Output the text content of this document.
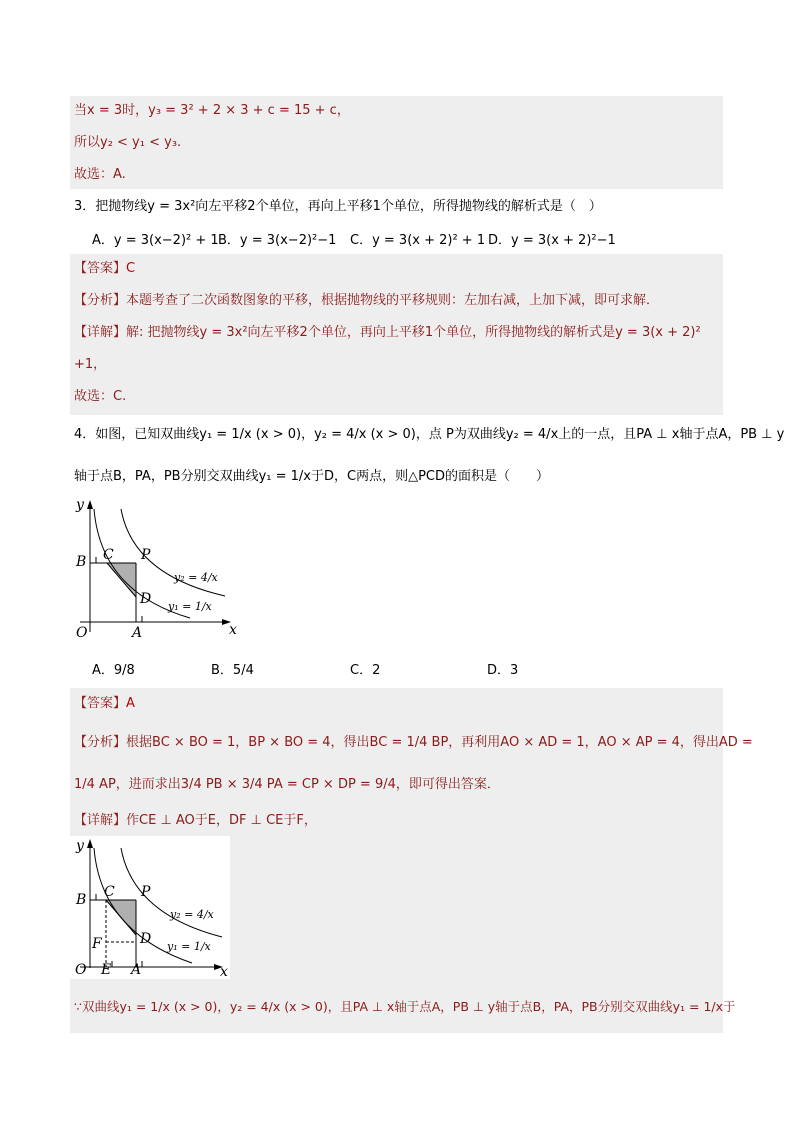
当x = 3时，y₃ = 3² + 2 × 3 + c = 15 + c，
所以y₂ < y₁ < y₃.
故选：A.
3．把抛物线y = 3x²向左平移2个单位，再向上平移1个单位，所得抛物线的解析式是（　）
A．y = 3(x−2)² + 1 B．y = 3(x−2)²−1 C．y = 3(x + 2)² + 1 D．y = 3(x + 2)²−1
【答案】C
【分析】本题考查了二次函数图象的平移，根据抛物线的平移规则：左加右减，上加下减，即可求解．
【详解】解: 把抛物线y = 3x²向左平移2个单位，再向上平移1个单位，所得抛物线的解析式是y = 3(x + 2)²
+1，
故选：C.
4．如图，已知双曲线y₁ = 1/x (x > 0)，y₂ = 4/x (x > 0)，点 P为双曲线y₂ = 4/x上的一点，且PA ⊥ x轴于点A，PB ⊥ y
轴于点B，PA，PB分别交双曲线y₁ = 1/x于D，C两点，则△PCD的面积是（　　）
y
x
O	A
B C P
D
y₂ = 4/x
y₁ = 1/x
A．9/8	B．5/4	C．2	D．3
【答案】A
【分析】根据BC × BO = 1，BP × BO = 4，得出BC = 1/4 BP，再利用AO × AD = 1，AO × AP = 4，得出AD =
1/4 AP，进而求出3/4 PB × 3/4 PA = CP × DP = 9/4，即可得出答案．
【详解】作CE ⊥ AO于E，DF ⊥ CE于F，
y
x
O E A
B
F
C P
D
y₂ = 4/x
y₁ = 1/x
∵双曲线y₁ = 1/x (x > 0)，y₂ = 4/x (x > 0)，且PA ⊥ x轴于点A，PB ⊥ y轴于点B，PA，PB分别交双曲线y₁ = 1/x于
